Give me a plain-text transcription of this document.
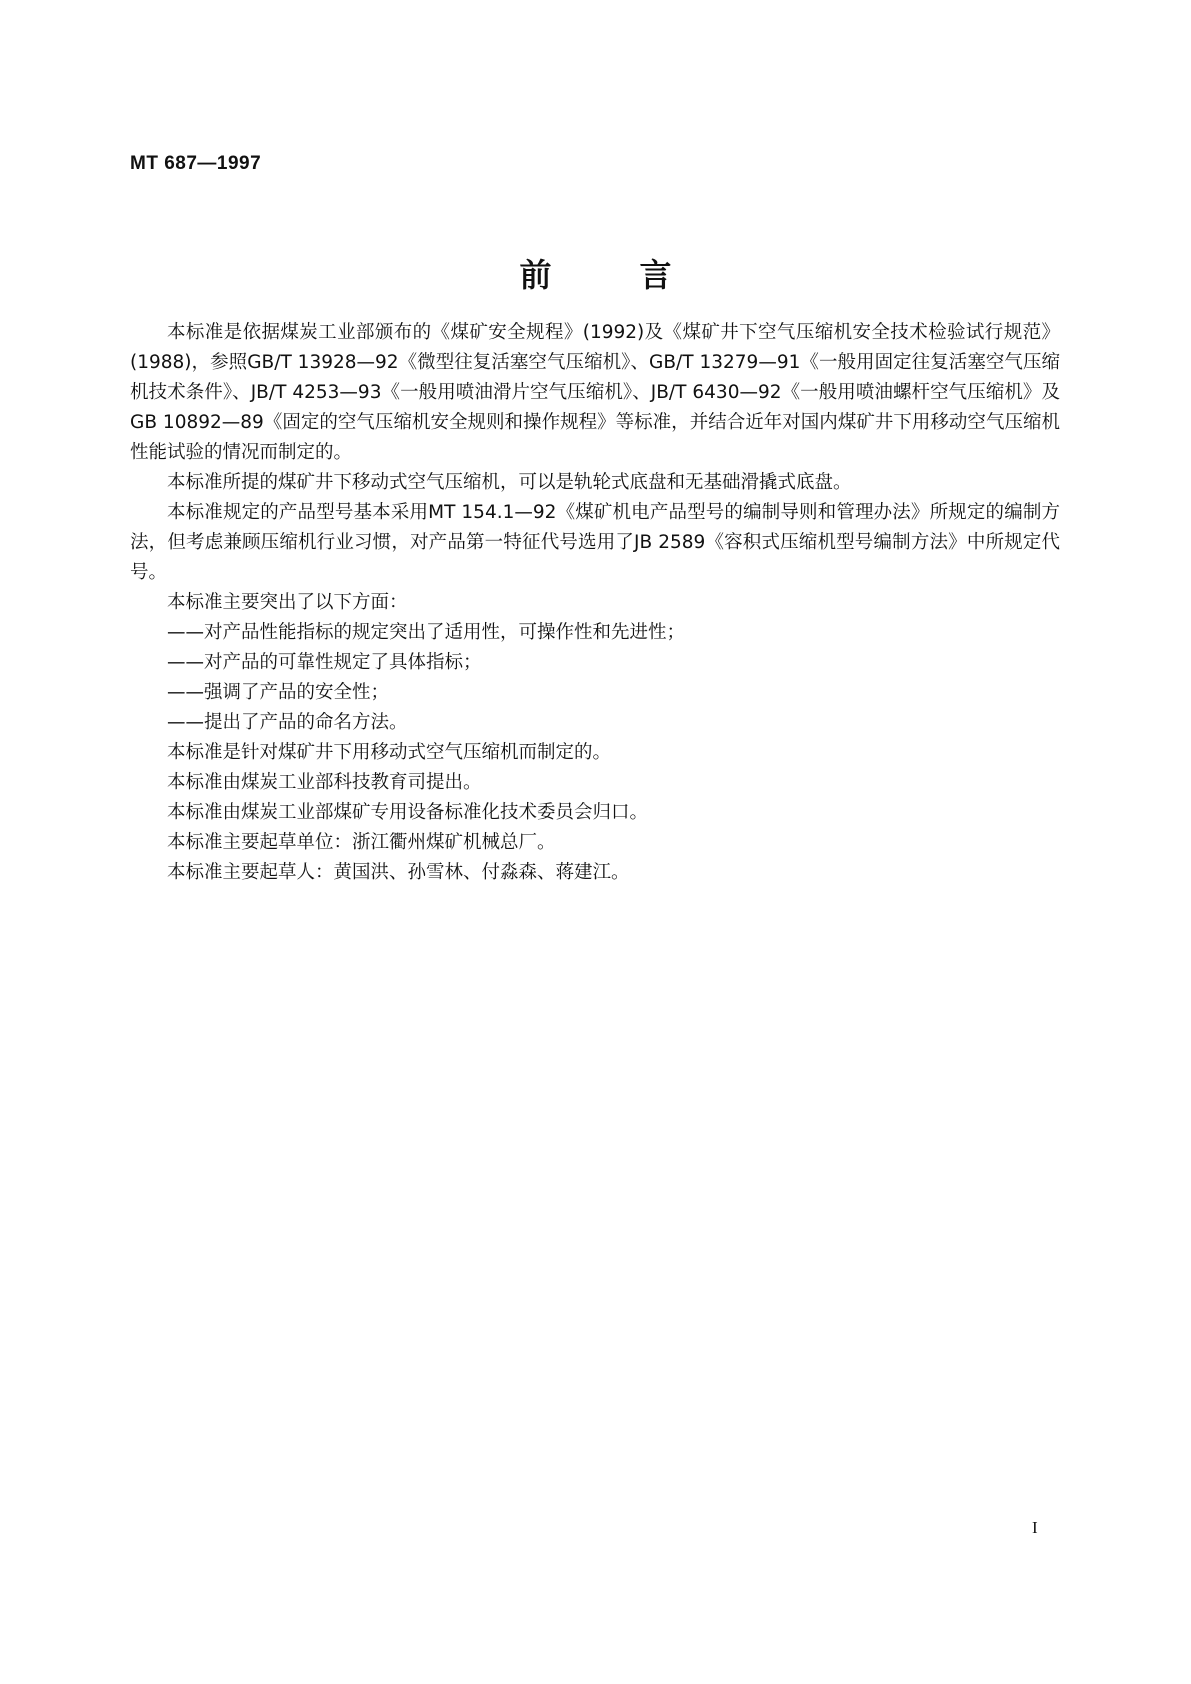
MT 687—1997
前言

本标准是依据煤炭工业部颁布的《煤矿安全规程》(1992)及《煤矿井下空气压缩机安全技术检验试行规范》(1988)，参照GB/T 13928—92《微型往复活塞空气压缩机》、GB/T 13279—91《一般用固定往复活塞空气压缩机技术条件》、JB/T 4253—93《一般用喷油滑片空气压缩机》、JB/T 6430—92《一般用喷油螺杆空气压缩机》及GB 10892—89《固定的空气压缩机安全规则和操作规程》等标准，并结合近年对国内煤矿井下用移动空气压缩机性能试验的情况而制定的。

本标准所提的煤矿井下移动式空气压缩机，可以是轨轮式底盘和无基础滑撬式底盘。

本标准规定的产品型号基本采用MT 154.1—92《煤矿机电产品型号的编制导则和管理办法》所规定的编制方法，但考虑兼顾压缩机行业习惯，对产品第一特征代号选用了JB 2589《容积式压缩机型号编制方法》中所规定代号。

本标准主要突出了以下方面：

——对产品性能指标的规定突出了适用性，可操作性和先进性；

——对产品的可靠性规定了具体指标；

——强调了产品的安全性；

——提出了产品的命名方法。

本标准是针对煤矿井下用移动式空气压缩机而制定的。

本标准由煤炭工业部科技教育司提出。

本标准由煤炭工业部煤矿专用设备标准化技术委员会归口。

本标准主要起草单位：浙江衢州煤矿机械总厂。

本标准主要起草人：黄国洪、孙雪林、付淼森、蒋建江。

I
